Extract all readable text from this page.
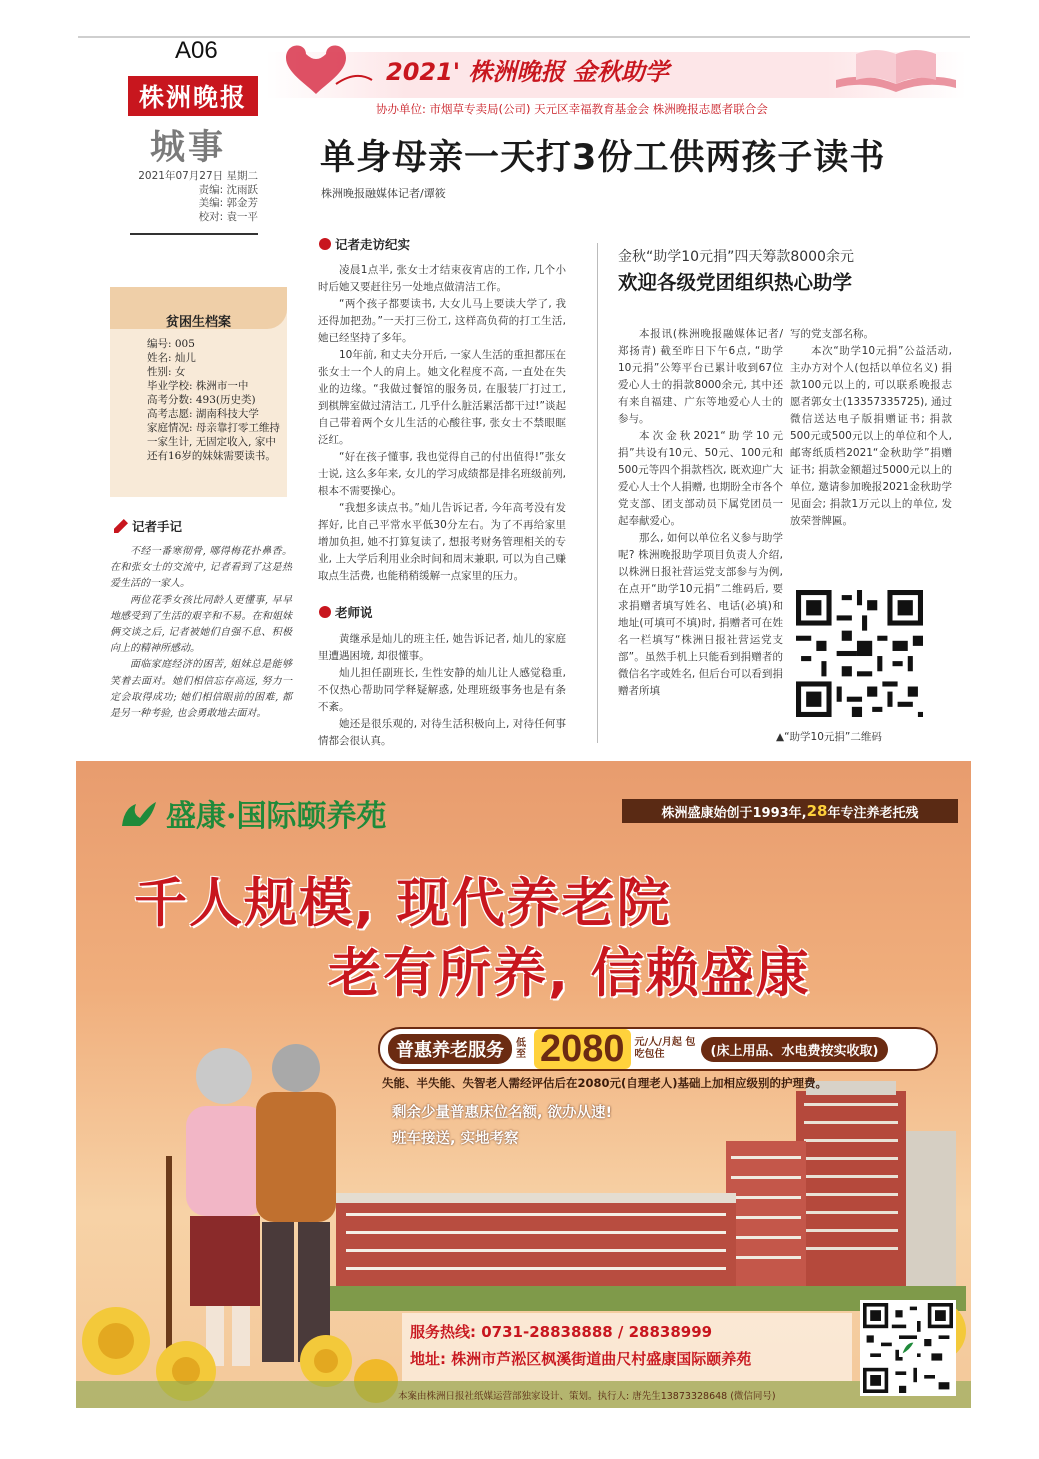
A06
株洲晚报
城事
2021年07月27日 星期二
责编: 沈雨跃
美编: 郭金芳
校对: 袁一平
2021' 株洲晚报 金秋助学
协办单位: 市烟草专卖局(公司) 天元区幸福教育基金会 株洲晚报志愿者联合会
单身母亲一天打3份工供两孩子读书
株洲晚报融媒体记者/谭筱
贫困生档案
编号: 005
姓名: 灿儿
性别: 女
毕业学校: 株洲市一中
高考分数: 493(历史类)
高考志愿: 湖南科技大学
家庭情况: 母亲靠打零工维持一家生计, 无固定收入, 家中还有16岁的妹妹需要读书。
记者手记

不经一番寒彻骨, 哪得梅花扑鼻香。在和张女士的交流中, 记者看到了这是热爱生活的一家人。

两位花季女孩比同龄人更懂事, 早早地感受到了生活的艰辛和不易。在和姐妹俩交谈之后, 记者被她们自强不息、积极向上的精神所感动。

面临家庭经济的困苦, 姐妹总是能够笑着去面对。她们相信忘存高远, 努力一定会取得成功; 她们相信眼前的困难, 都是另一种考验, 也会勇敢地去面对。

记者走访纪实

凌晨1点半, 张女士才结束夜宵店的工作, 几个小时后她又要赶往另一处地点做清洁工作。

“两个孩子都要读书, 大女儿马上要读大学了, 我还得加把劲。”一天打三份工, 这样高负荷的打工生活, 她已经坚持了多年。

10年前, 和丈夫分开后, 一家人生活的重担都压在张女士一个人的肩上。她文化程度不高, 一直处在失业的边缘。“我做过餐馆的服务员, 在服装厂打过工, 到棋牌室做过清洁工, 几乎什么脏活累活都干过!”谈起自己带着两个女儿生活的心酸往事, 张女士不禁眼眶泛红。

“好在孩子懂事, 我也觉得自己的付出值得!”张女士说, 这么多年来, 女儿的学习成绩都是排名班级前列, 根本不需要操心。

“我想多读点书。”灿儿告诉记者, 今年高考没有发挥好, 比自己平常水平低30分左右。为了不再给家里增加负担, 她不打算复读了, 想报考财务管理相关的专业, 上大学后利用业余时间和周末兼职, 可以为自己赚取点生活费, 也能稍稍缓解一点家里的压力。

老师说

黄继承是灿儿的班主任, 她告诉记者, 灿儿的家庭里遭遇困境, 却很懂事。

灿儿担任副班长, 生性安静的灿儿让人感觉稳重, 不仅热心帮助同学释疑解惑, 处理班级事务也是有条不紊。

她还是很乐观的, 对待生活积极向上, 对待任何事情都会很认真。

金秋“助学10元捐”四天筹款8000余元
欢迎各级党团组织热心助学

本报讯(株洲晚报融媒体记者/郑扬青) 截至昨日下午6点, “助学10元捐”公筹平台已累计收到67位爱心人士的捐款8000余元, 其中还有来自福建、广东等地爱心人士的参与。

本次金秋2021“助学10元捐”共设有10元、50元、100元和500元等四个捐款档次, 既欢迎广大爱心人士个人捐赠, 也期盼全市各个党支部、团支部动员下属党团员一起奉献爱心。

那么, 如何以单位名义参与助学呢? 株洲晚报助学项目负责人介绍, 以株洲日报社营运党支部参与为例, 在点开“助学10元捐”二维码后, 要求捐赠者填写姓名、电话(必填)和地址(可填可不填)时, 捐赠者可在姓名一栏填写“株洲日报社营运党支部”。虽然手机上只能看到捐赠者的微信名字或姓名, 但后台可以看到捐赠者所填

写的党支部名称。

本次“助学10元捐”公益活动, 主办方对个人(包括以单位名义) 捐款100元以上的, 可以联系晚报志愿者郭女士(13357335725), 通过微信送达电子版捐赠证书; 捐款500元或500元以上的单位和个人, 邮寄纸质档2021“金秋助学”捐赠证书; 捐款金额超过5000元以上的单位, 邀请参加晚报2021金秋助学见面会; 捐款1万元以上的单位, 发放荣誉牌匾。

▲“助学10元捐”二维码
盛康·国际颐养苑	株洲盛康始创于1993年, 28 年专注养老托残
千人规模, 现代养老院
老有所养, 信赖盛康
普惠养老服务	低至 2080	元/人/月起 包吃包住	(床上用品、水电费按实收取)
失能、半失能、失智老人需经评估后在2080元(自理老人)基础上加相应级别的护理费。
剩余少量普惠床位名额, 欲办从速!
班车接送, 实地考察
服务热线: 0731-28838888 / 28838999
地址: 株洲市芦淞区枫溪街道曲尺村盛康国际颐养苑
本案由株洲日报社纸媒运营部独家设计、策划。执行人: 唐先生13873328648 (微信同号)
